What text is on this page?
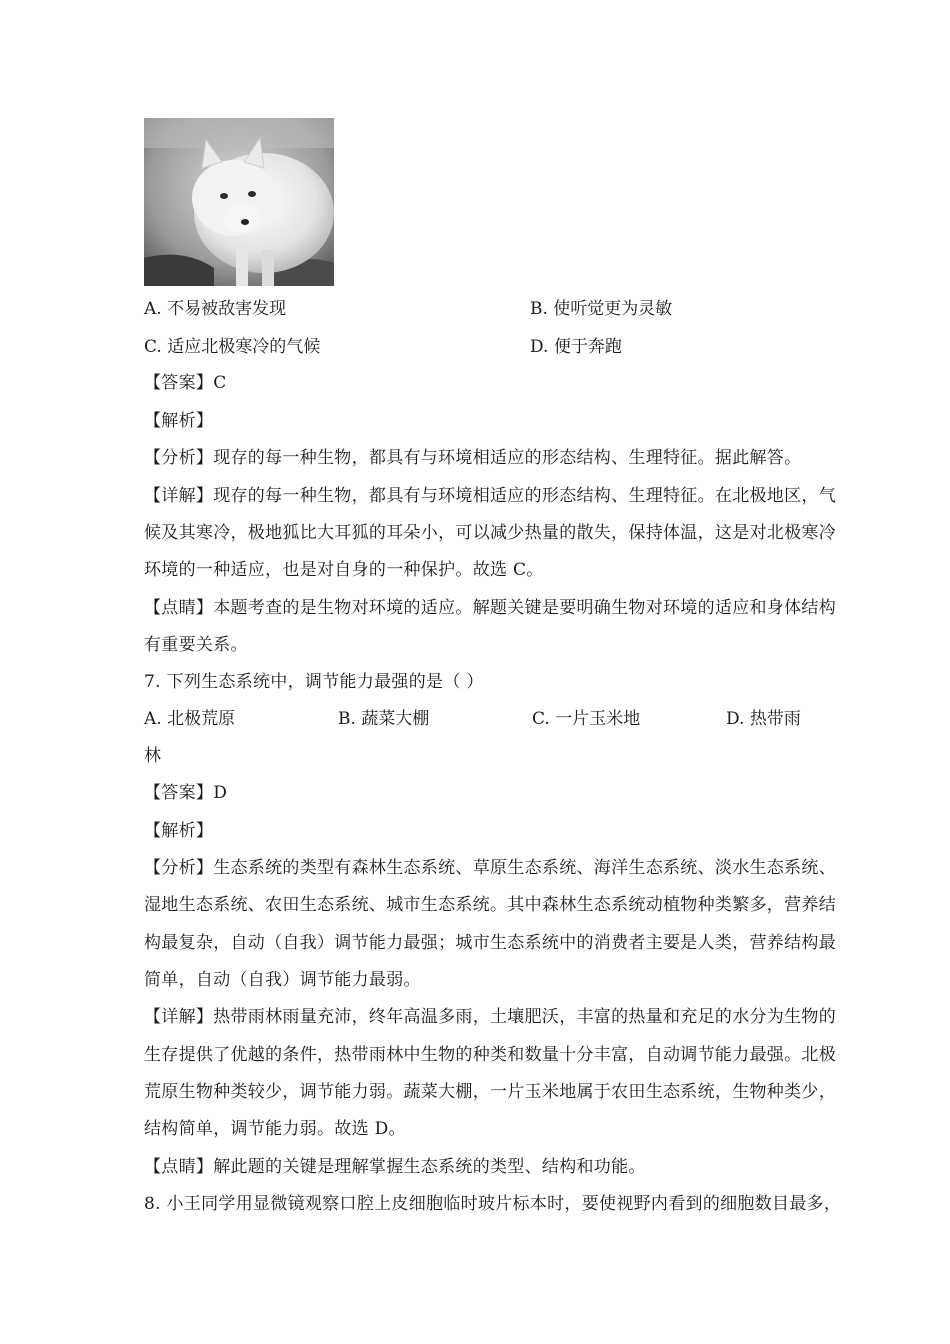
A. 不易被敌害发现	B. 使听觉更为灵敏
C. 适应北极寒冷的气候	D. 便于奔跑
【答案】C
【解析】
【分析】现存的每一种生物，都具有与环境相适应的形态结构、生理特征。据此解答。
【详解】现存的每一种生物，都具有与环境相适应的形态结构、生理特征。在北极地区，气
候及其寒冷，极地狐比大耳狐的耳朵小，可以减少热量的散失，保持体温，这是对北极寒冷
环境的一种适应，也是对自身的一种保护。故选 C。
【点睛】本题考查的是生物对环境的适应。解题关键是要明确生物对环境的适应和身体结构
有重要关系。
7. 下列生态系统中，调节能力最强的是（ ）
A. 北极荒原	B. 蔬菜大棚	C. 一片玉米地	D. 热带雨
林
【答案】D
【解析】
【分析】生态系统的类型有森林生态系统、草原生态系统、海洋生态系统、淡水生态系统、
湿地生态系统、农田生态系统、城市生态系统。其中森林生态系统动植物种类繁多，营养结
构最复杂，自动（自我）调节能力最强；城市生态系统中的消费者主要是人类，营养结构最
简单，自动（自我）调节能力最弱。
【详解】热带雨林雨量充沛，终年高温多雨，土壤肥沃，丰富的热量和充足的水分为生物的
生存提供了优越的条件，热带雨林中生物的种类和数量十分丰富，自动调节能力最强。北极
荒原生物种类较少，调节能力弱。蔬菜大棚，一片玉米地属于农田生态系统，生物种类少，
结构简单，调节能力弱。故选 D。
【点睛】解此题的关键是理解掌握生态系统的类型、结构和功能。
8. 小王同学用显微镜观察口腔上皮细胞临时玻片标本时，要使视野内看到的细胞数目最多，
